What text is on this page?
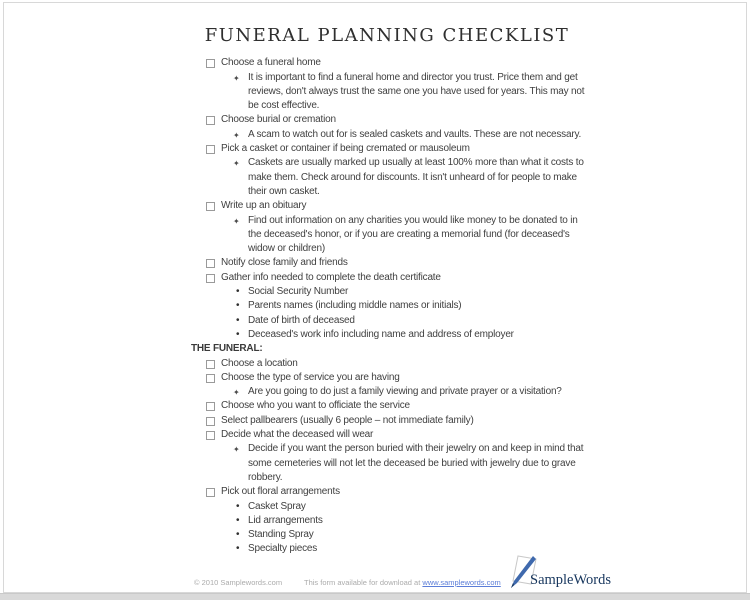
FUNERAL PLANNING CHECKLIST
Choose a funeral home
✦ It is important to find a funeral home and director you trust. Price them and get reviews, don't always trust the same one you have used for years. This may not be cost effective.
Choose burial or cremation
✦ A scam to watch out for is sealed caskets and vaults. These are not necessary.
Pick a casket or container if being cremated or mausoleum
✦ Caskets are usually marked up usually at least 100% more than what it costs to make them. Check around for discounts. It isn't unheard of for people to make their own casket.
Write up an obituary
✦ Find out information on any charities you would like money to be donated to in the deceased's honor, or if you are creating a memorial fund (for deceased's widow or children)
Notify close family and friends
Gather info needed to complete the death certificate
• Social Security Number
• Parents names (including middle names or initials)
• Date of birth of deceased
• Deceased's work info including name and address of employer
THE FUNERAL:
Choose a location
Choose the type of service you are having
✦ Are you going to do just a family viewing and private prayer or a visitation?
Choose who you want to officiate the service
Select pallbearers (usually 6 people – not immediate family)
Decide what the deceased will wear
✦ Decide if you want the person buried with their jewelry on and keep in mind that some cemeteries will not let the deceased be buried with jewelry due to grave robbery.
Pick out floral arrangements
• Casket Spray
• Lid arrangements
• Standing Spray
• Specialty pieces
© 2010 Samplewords.com	This form available for download at www.samplewords.com SampleWords
